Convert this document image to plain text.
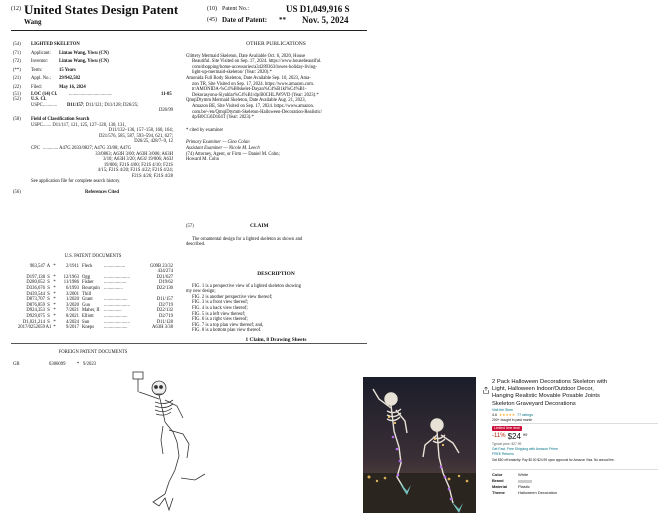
(12) United States Design Patent
Wang
(10) Patent No.:	US D1,049,916 S
(45) Date of Patent: ** Nov. 5, 2024
(54)	LIGHTED SKELETON
(71)	Applicant:	Lintao Wang, Yiwu (CN)
(72)	Inventor:	Lintao Wang, Yiwu (CN)
(**)	Term:	15 Years
(21)	Appl. No.:	29/942,582
(22)	Filed:	May 16, 2024
(51)	LOC (14) Cl.	.....................................	11-05
(52)	U.S. Cl.
USPC ............	D11/157 ; D11/121; D11/128; D26/25;
D26/99
(58)	Field of Classification Search
USPC ....... D11/117, 121, 125, 127–128, 130, 131,
D11/132–136, 157–158, 160, 164;
D21/576, 585, 587, 593–594, 621, 627;
D26/25, 428/7–9, 12
CPC ............. A47G 2033/0827; A47G 33/08; A47G
33/0863; A63H 3/00; A63H 3/006; A63H
3/10; A63H 3/20; A63J 19/006; A63J
19/006; F21S 4/00; F21S 4/10; F21S
4/15; F21S 4/20; F21S 4/22; F21S 4/24;
F21S 4/26; F21S 4/28
See application file for complete search history.
(56)	References Cited
U.S. PATENT DOCUMENTS
983,547 A *	2/1911 Fleck	..................	G09B 23/32
434/274
D197,138 S *	12/1963 Ogg	......................	D21/627
D280,652 S *	11/1986 Fisher	...................	D19/62
D336,676 S *	6/1993 Bourquin ................	D22/130
D439,544 S *	3/2001 Thill
D873,707 S *	1/2020 Grant	....................	D11/157
D876,859 S *	3/2020 Guo	......................	D2/719
D924,353 S *	7/2021 Maher, II ...............	D22/132
D929,075 S *	8/2021 Elliott	....................	D2/719
D1,021,214 S *	4/2024 Sun	......................	D11/128
2017/0252659 A1 *	9/2017 Kneps	....................	A63H 3/38
FOREIGN PATENT DOCUMENTS
GB	6306099	* 9/2023
OTHER PUBLICATIONS
Glittery Mermaid Skeleton, Date Available Oct. 6, 2020, House
Beautiful. Site Visited on Sep. 17, 2024. https://www.housebeautiful.
com/shopping/home-accessories/a34289363/lowes-holiday-living-
light-up-mermaid-skeleton/ (Year: 2020).*
Amonida Full Body Skeleton, Date Available Sep. 10, 2023, Ama-
zon TR, Site Visited on Sep. 17, 2024. https://www.amazon.com.
tr/AMONIDA-%C4%B0skelet-Dayan%C4%B1kl%C4%B1-
Dekorasyonu-Siyahlar%C4%B1/dp/B0CHLJW9VD (Year: 2023).*
QmqiDtymm Mermaid Skeleton, Date Available Aug. 21, 2023,
Amazon BE, Site Visited on Sep. 17, 2024. https://www.amazon.
com.be/-/en/QmqiDtymm-Skeleton-Halloween-Decoration-Realistic/
dp/B0CG6D164T (Year: 2023).*
* cited by examiner
Primary Examiner — Gino Colan
Assistant Examiner — Nicole M. Leech
(74) Attorney, Agent, or Firm — Daniel M. Cohn;
Howard M. Cohn
(57)	CLAIM
The ornamental design for a lighted skeleton as shown and
described.
DESCRIPTION
FIG. 1 is a perspective view of a lighted skeleton showing
my new design;
FIG. 2 is another perspective view thereof;
FIG. 3 is a front view thereof;
FIG. 4 is a back view thereof;
FIG. 5 is a left view thereof;
FIG. 6 is a right view thereof;
FIG. 7 is a top plan view thereof; and,
FIG. 8 is a bottom plan view thereof.
1 Claim, 8 Drawing Sheets
2 Pack Halloween Decorations Skeleton with
Light, Halloween Indoor/Outdoor Decor,
Hanging Realistic Movable Posable Joints
Skeleton Graveyard Decorations
Visit the Store
4.6 ★★★★★ 77 ratings
200+ bought in past month
Limited time deal
-11% $24 99
Typical price: $27.99
Get Fast, Free Shipping with Amazon Prime
FREE Returns
Get $50 off instantly: Pay $0.00 $24.99 upon approval for Amazon Visa. No annual fee.
Color	White
Brand
Material	Plastic
Theme	Halloween Decoration
